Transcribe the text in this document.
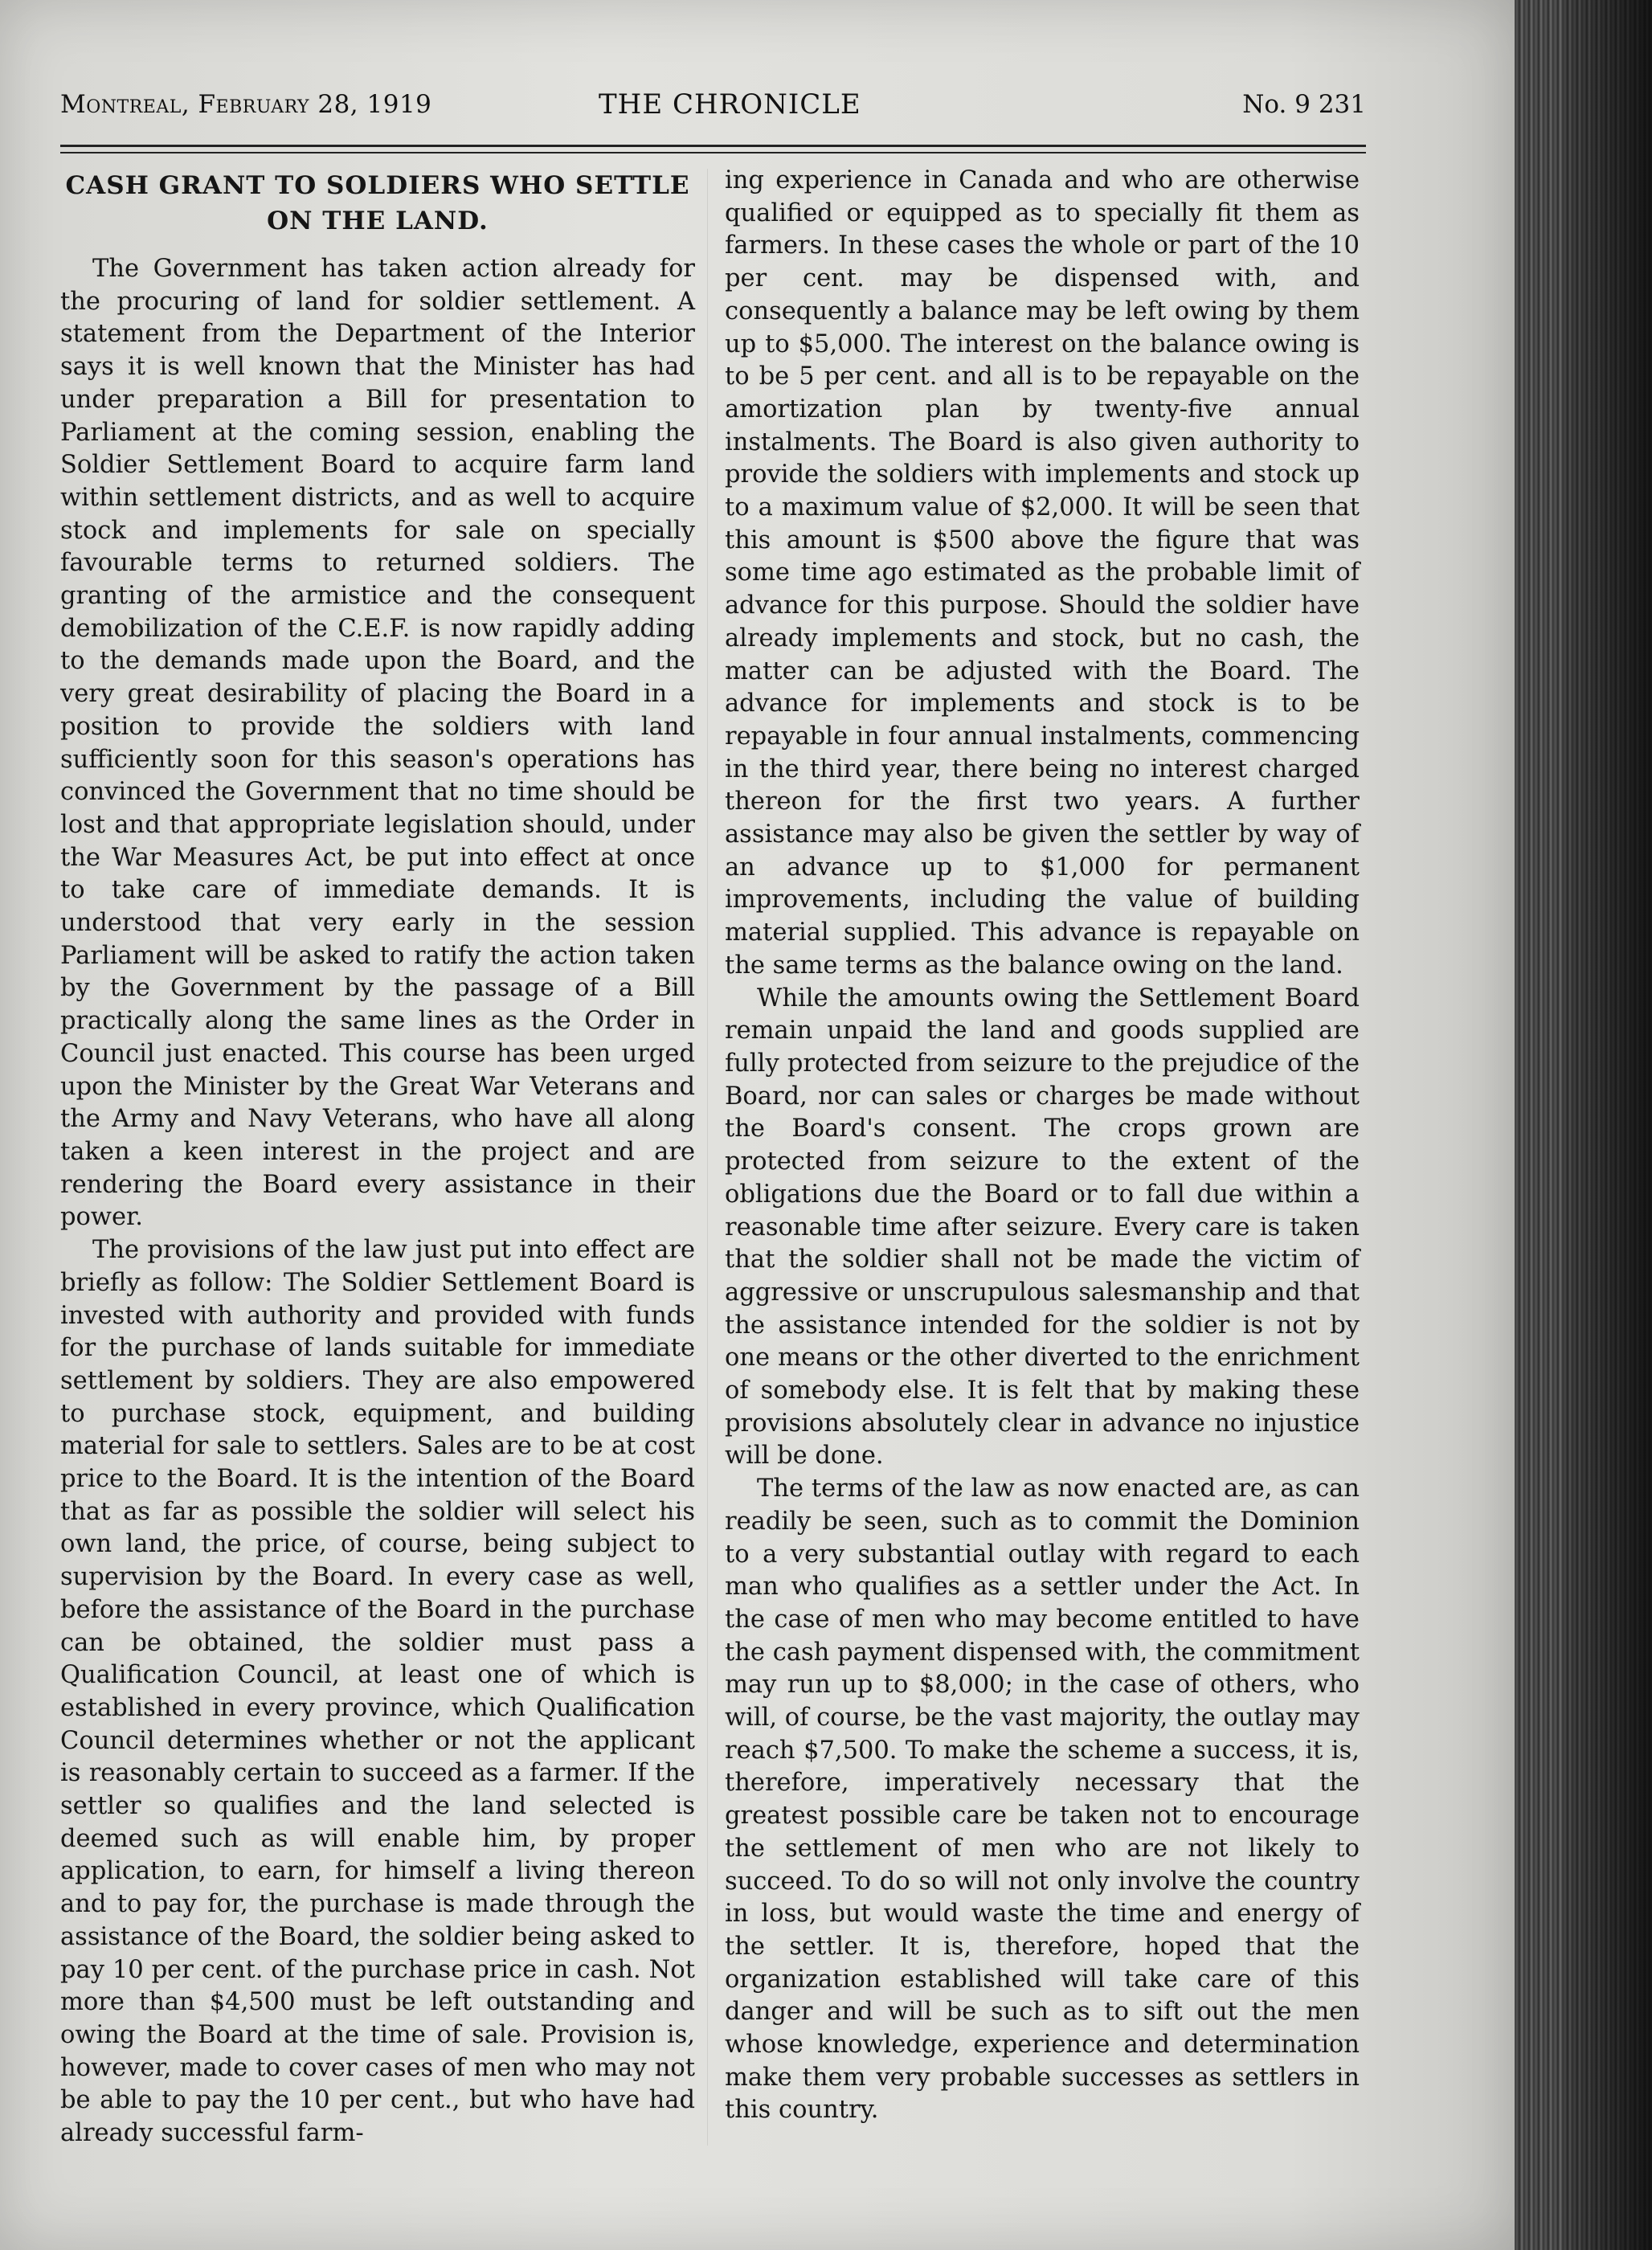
Montreal, February 28, 1919	THE CHRONICLE	No. 9 231
CASH GRANT TO SOLDIERS WHO SETTLE
ON THE LAND.

The Government has taken action already for the procuring of land for soldier settlement. A statement from the Department of the Interior says it is well known that the Minister has had under preparation a Bill for presentation to Parliament at the coming session, enabling the Soldier Settlement Board to acquire farm land within settlement districts, and as well to acquire stock and implements for sale on specially favourable terms to returned soldiers. The granting of the armistice and the consequent demobilization of the C.E.F. is now rapidly adding to the demands made upon the Board, and the very great desirability of placing the Board in a position to provide the soldiers with land sufficiently soon for this season's operations has convinced the Government that no time should be lost and that appropriate legislation should, under the War Measures Act, be put into effect at once to take care of immediate demands. It is understood that very early in the session Parliament will be asked to ratify the action taken by the Government by the passage of a Bill practically along the same lines as the Order in Council just enacted. This course has been urged upon the Minister by the Great War Veterans and the Army and Navy Veterans, who have all along taken a keen interest in the project and are rendering the Board every assistance in their power.

The provisions of the law just put into effect are briefly as follow: The Soldier Settlement Board is invested with authority and provided with funds for the purchase of lands suitable for immediate settlement by soldiers. They are also empowered to purchase stock, equipment, and building material for sale to settlers. Sales are to be at cost price to the Board. It is the intention of the Board that as far as possible the soldier will select his own land, the price, of course, being subject to supervision by the Board. In every case as well, before the assistance of the Board in the purchase can be obtained, the soldier must pass a Qualification Council, at least one of which is established in every province, which Qualification Council determines whether or not the applicant is reasonably certain to succeed as a farmer. If the settler so qualifies and the land selected is deemed such as will enable him, by proper application, to earn, for himself a living thereon and to pay for, the purchase is made through the assistance of the Board, the soldier being asked to pay 10 per cent. of the purchase price in cash. Not more than $4,500 must be left outstanding and owing the Board at the time of sale. Provision is, however, made to cover cases of men who may not be able to pay the 10 per cent., but who have had already successful farm-

ing experience in Canada and who are otherwise qualified or equipped as to specially fit them as farmers. In these cases the whole or part of the 10 per cent. may be dispensed with, and consequently a balance may be left owing by them up to $5,000. The interest on the balance owing is to be 5 per cent. and all is to be repayable on the amortization plan by twenty-five annual instalments. The Board is also given authority to provide the soldiers with implements and stock up to a maximum value of $2,000. It will be seen that this amount is $500 above the figure that was some time ago estimated as the probable limit of advance for this purpose. Should the soldier have already implements and stock, but no cash, the matter can be adjusted with the Board. The advance for implements and stock is to be repayable in four annual instalments, commencing in the third year, there being no interest charged thereon for the first two years. A further assistance may also be given the settler by way of an advance up to $1,000 for permanent improvements, including the value of building material supplied. This advance is repayable on the same terms as the balance owing on the land.

While the amounts owing the Settlement Board remain unpaid the land and goods supplied are fully protected from seizure to the prejudice of the Board, nor can sales or charges be made without the Board's consent. The crops grown are protected from seizure to the extent of the obligations due the Board or to fall due within a reasonable time after seizure. Every care is taken that the soldier shall not be made the victim of aggressive or unscrupulous salesmanship and that the assistance intended for the soldier is not by one means or the other diverted to the enrichment of somebody else. It is felt that by making these provisions absolutely clear in advance no injustice will be done.

The terms of the law as now enacted are, as can readily be seen, such as to commit the Dominion to a very substantial outlay with regard to each man who qualifies as a settler under the Act. In the case of men who may become entitled to have the cash payment dispensed with, the commitment may run up to $8,000; in the case of others, who will, of course, be the vast majority, the outlay may reach $7,500. To make the scheme a success, it is, therefore, imperatively necessary that the greatest possible care be taken not to encourage the settlement of men who are not likely to succeed. To do so will not only involve the country in loss, but would waste the time and energy of the settler. It is, therefore, hoped that the organization established will take care of this danger and will be such as to sift out the men whose knowledge, experience and determination make them very probable successes as settlers in this country.
